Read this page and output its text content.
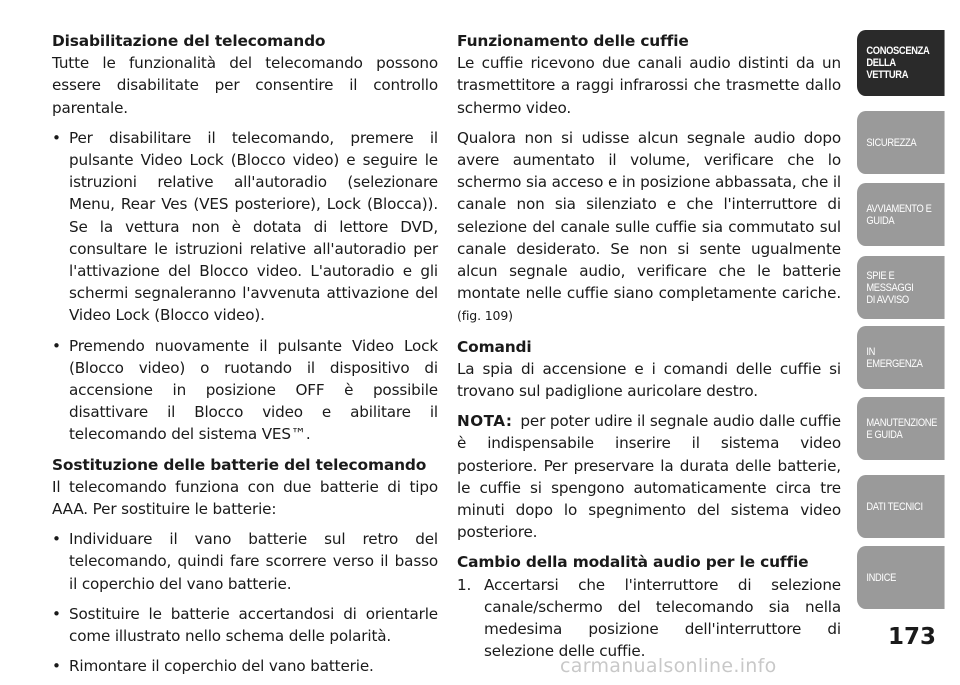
Disabilitazione del telecomando

Tutte le funzionalità del telecomando possono essere disabilitate per consentire il controllo parentale.

• Per disabilitare il telecomando, premere il pulsante Video Lock (Blocco video) e seguire le istruzioni relative all'autoradio (selezionare Menu, Rear Ves (VES posteriore), Lock (Blocca)). Se la vettura non è dotata di lettore DVD, consultare le istruzioni relative all'autoradio per l'attivazione del Blocco video. L'autoradio e gli schermi segnaleranno l'avvenuta attivazione del Video Lock (Blocco video).
• Premendo nuovamente il pulsante Video Lock (Blocco video) o ruotando il dispositivo di accensione in posizione OFF è possibile disattivare il Blocco video e abilitare il telecomando del sistema VES™.
Sostituzione delle batterie del telecomando

Il telecomando funziona con due batterie di tipo AAA. Per sostituire le batterie:

• Individuare il vano batterie sul retro del telecomando, quindi fare scorrere verso il basso il coperchio del vano batterie.
• Sostituire le batterie accertandosi di orientarle come illustrato nello schema delle polarità.
• Rimontare il coperchio del vano batterie.
Funzionamento delle cuffie

Le cuffie ricevono due canali audio distinti da un trasmettitore a raggi infrarossi che trasmette dallo schermo video.

Qualora non si udisse alcun segnale audio dopo avere aumentato il volume, verificare che lo schermo sia acceso e in posizione abbassata, che il canale non sia silenziato e che l'interruttore di selezione del canale sulle cuffie sia commutato sul canale desiderato. Se non si sente ugualmente alcun segnale audio, verificare che le batterie montate nelle cuffie siano completamente cariche. (fig. 109)

Comandi

La spia di accensione e i comandi delle cuffie si trovano sul padiglione auricolare destro.

NOTA: per poter udire il segnale audio dalle cuffie è indispensabile inserire il sistema video posteriore. Per preservare la durata delle batterie, le cuffie si spengono automaticamente circa tre minuti dopo lo spegnimento del sistema video posteriore.

Cambio della modalità audio per le cuffie
1. Accertarsi che l'interruttore di selezione canale/schermo del telecomando sia nella medesima posizione dell'interruttore di selezione delle cuffie.
CONOSCENZA
DELLA VETTURA
SICUREZZA
AVVIAMENTO E
GUIDA
SPIE E
MESSAGGI
DI AVVISO
IN
EMERGENZA
MANUTENZIONE
E GUIDA
DATI TECNICI
INDICE
173
carmanualsonline.info
